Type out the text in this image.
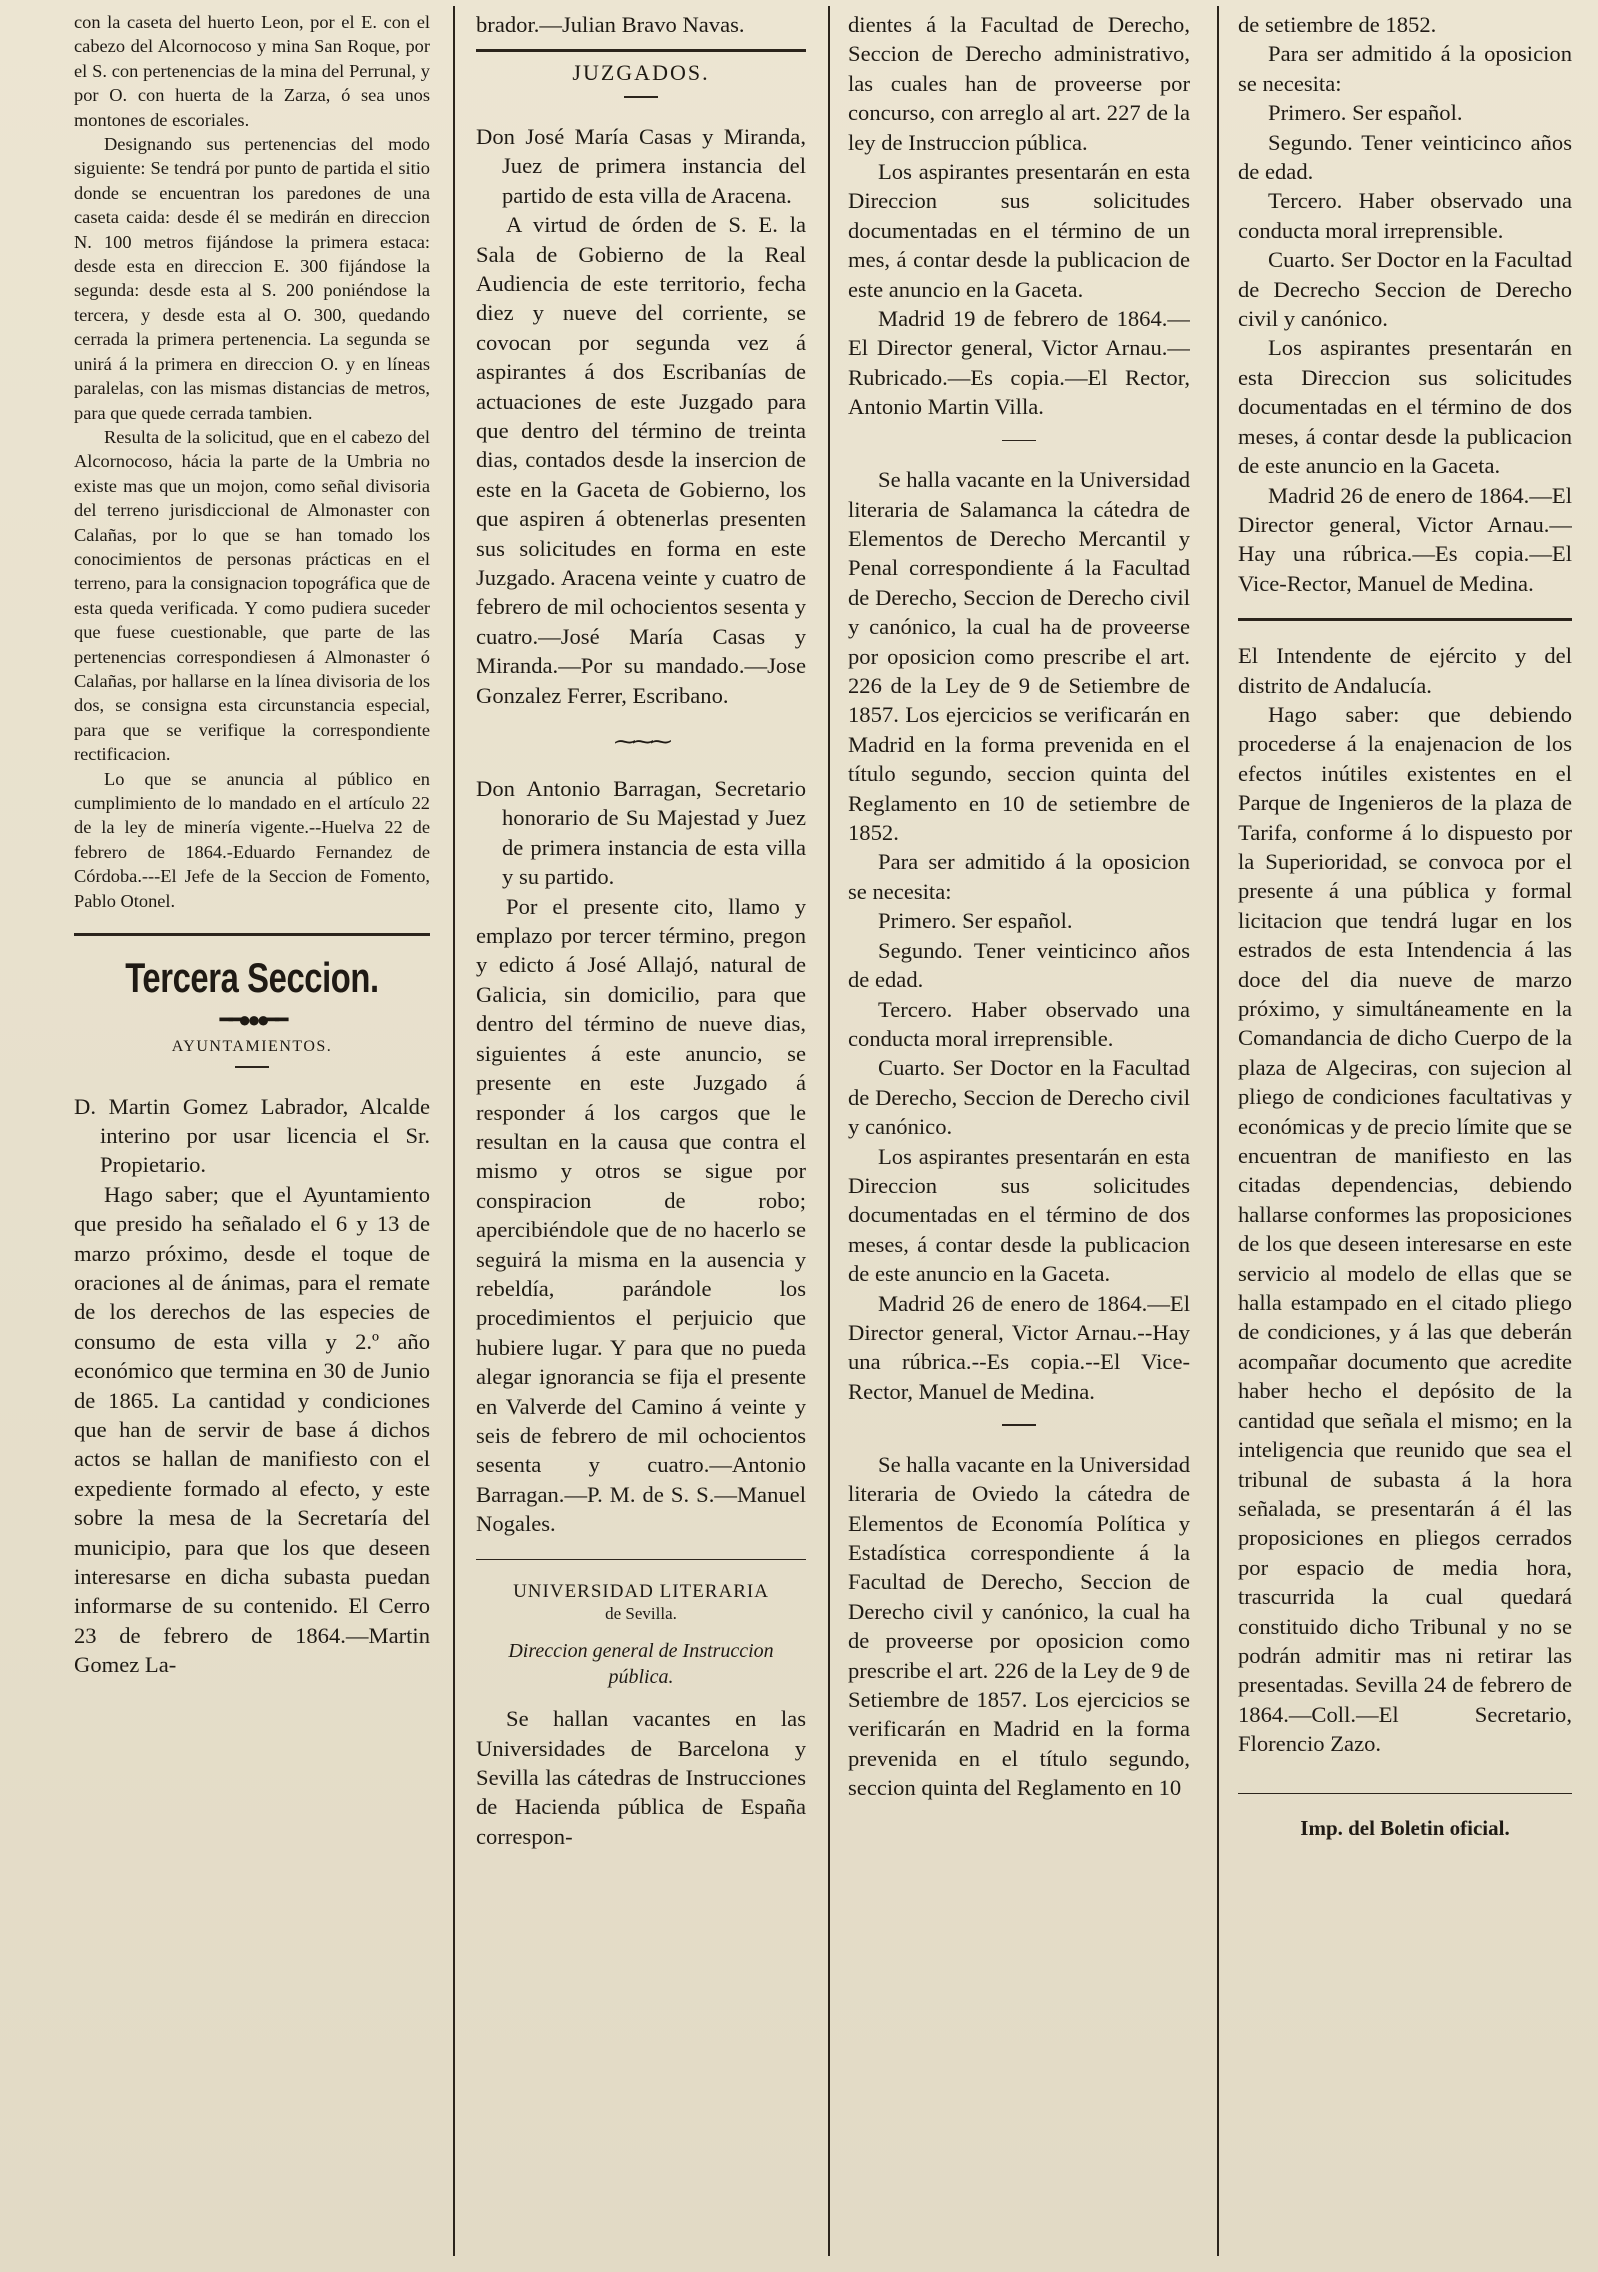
con la caseta del huerto Leon, por el E. con el cabezo del Alcornocoso y mina San Roque, por el S. con pertenencias de la mina del Perrunal, y por O. con huerta de la Zarza, ó sea unos montones de escoriales.

Designando sus pertenencias del modo siguiente: Se tendrá por punto de partida el sitio donde se encuentran los paredones de una caseta caida: desde él se medirán en direccion N. 100 metros fijándose la primera estaca: desde esta en direccion E. 300 fijándose la segunda: desde esta al S. 200 poniéndose la tercera, y desde esta al O. 300, quedando cerrada la primera pertenencia. La segunda se unirá á la primera en direccion O. y en líneas paralelas, con las mismas distancias de metros, para que quede cerrada tambien.

Resulta de la solicitud, que en el cabezo del Alcornocoso, hácia la parte de la Umbria no existe mas que un mojon, como señal divisoria del terreno jurisdiccional de Almonaster con Calañas, por lo que se han tomado los conocimientos de personas prácticas en el terreno, para la consignacion topográfica que de esta queda verificada. Y como pudiera suceder que fuese cuestionable, que parte de las pertenencias correspondiesen á Almonaster ó Calañas, por hallarse en la línea divisoria de los dos, se consigna esta circunstancia especial, para que se verifique la correspondiente rectificacion.

Lo que se anuncia al público en cumplimiento de lo mandado en el artículo 22 de la ley de minería vigente.--Huelva 22 de febrero de 1864.-Eduardo Fernandez de Córdoba.---El Jefe de la Seccion de Fomento, Pablo Otonel.

Tercera Seccion.
━━●●●━━
AYUNTAMIENTOS.

D. Martin Gomez Labrador, Alcalde interino por usar licencia el Sr. Propietario.

Hago saber; que el Ayuntamiento que presido ha señalado el 6 y 13 de marzo próximo, desde el toque de oraciones al de ánimas, para el remate de los derechos de las especies de consumo de esta villa y 2.º año económico que termina en 30 de Junio de 1865. La cantidad y condiciones que han de servir de base á dichos actos se hallan de manifiesto con el expediente formado al efecto, y este sobre la mesa de la Secretaría del municipio, para que los que deseen interesarse en dicha subasta puedan informarse de su contenido. El Cerro 23 de febrero de 1864.—Martin Gomez La-

brador.—Julian Bravo Navas.

JUZGADOS.

Don José María Casas y Miranda, Juez de primera instancia del partido de esta villa de Aracena.

A virtud de órden de S. E. la Sala de Gobierno de la Real Audiencia de este territorio, fecha diez y nueve del corriente, se covocan por segunda vez á aspirantes á dos Escribanías de actuaciones de este Juzgado para que dentro del término de treinta dias, contados desde la insercion de este en la Gaceta de Gobierno, los que aspiren á obtenerlas presenten sus solicitudes en forma en este Juzgado. Aracena veinte y cuatro de febrero de mil ochocientos sesenta y cuatro.—José María Casas y Miranda.—Por su mandado.—Jose Gonzalez Ferrer, Escribano.

⁓⁓⁓

Don Antonio Barragan, Secretario honorario de Su Majestad y Juez de primera instancia de esta villa y su partido.

Por el presente cito, llamo y emplazo por tercer término, pregon y edicto á José Allajó, natural de Galicia, sin domicilio, para que dentro del término de nueve dias, siguientes á este anuncio, se presente en este Juzgado á responder á los cargos que le resultan en la causa que contra el mismo y otros se sigue por conspiracion de robo; apercibiéndole que de no hacerlo se seguirá la misma en la ausencia y rebeldía, parándole los procedimientos el perjuicio que hubiere lugar. Y para que no pueda alegar ignorancia se fija el presente en Valverde del Camino á veinte y seis de febrero de mil ochocientos sesenta y cuatro.—Antonio Barragan.—P. M. de S. S.—Manuel Nogales.

UNIVERSIDAD LITERARIA
de Sevilla.
Direccion general de Instruccion pública.

Se hallan vacantes en las Universidades de Barcelona y Sevilla las cátedras de Instrucciones de Hacienda pública de España correspon-

dientes á la Facultad de Derecho, Seccion de Derecho administrativo, las cuales han de proveerse por concurso, con arreglo al art. 227 de la ley de Instruccion pública.

Los aspirantes presentarán en esta Direccion sus solicitudes documentadas en el término de un mes, á contar desde la publicacion de este anuncio en la Gaceta.

Madrid 19 de febrero de 1864.—El Director general, Victor Arnau.—Rubricado.—Es copia.—El Rector, Antonio Martin Villa.

Se halla vacante en la Universidad literaria de Salamanca la cátedra de Elementos de Derecho Mercantil y Penal correspondiente á la Facultad de Derecho, Seccion de Derecho civil y canónico, la cual ha de proveerse por oposicion como prescribe el art. 226 de la Ley de 9 de Setiembre de 1857. Los ejercicios se verificarán en Madrid en la forma prevenida en el título segundo, seccion quinta del Reglamento en 10 de setiembre de 1852.

Para ser admitido á la oposicion se necesita:

Primero. Ser español.

Segundo. Tener veinticinco años de edad.

Tercero. Haber observado una conducta moral irreprensible.

Cuarto. Ser Doctor en la Facultad de Derecho, Seccion de Derecho civil y canónico.

Los aspirantes presentarán en esta Direccion sus solicitudes documentadas en el término de dos meses, á contar desde la publicacion de este anuncio en la Gaceta.

Madrid 26 de enero de 1864.—El Director general, Victor Arnau.--Hay una rúbrica.--Es copia.--El Vice-Rector, Manuel de Medina.

Se halla vacante en la Universidad literaria de Oviedo la cátedra de Elementos de Economía Política y Estadística correspondiente á la Facultad de Derecho, Seccion de Derecho civil y canónico, la cual ha de proveerse por oposicion como prescribe el art. 226 de la Ley de 9 de Setiembre de 1857. Los ejercicios se verificarán en Madrid en la forma prevenida en el título segundo, seccion quinta del Reglamento en 10

de setiembre de 1852.

Para ser admitido á la oposicion se necesita:

Primero. Ser español.

Segundo. Tener veinticinco años de edad.

Tercero. Haber observado una conducta moral irreprensible.

Cuarto. Ser Doctor en la Facultad de Decrecho Seccion de Derecho civil y canónico.

Los aspirantes presentarán en esta Direccion sus solicitudes documentadas en el término de dos meses, á contar desde la publicacion de este anuncio en la Gaceta.

Madrid 26 de enero de 1864.—El Director general, Victor Arnau.—Hay una rúbrica.—Es copia.—El Vice-Rector, Manuel de Medina.

El Intendente de ejército y del distrito de Andalucía.

Hago saber: que debiendo procederse á la enajenacion de los efectos inútiles existentes en el Parque de Ingenieros de la plaza de Tarifa, conforme á lo dispuesto por la Superioridad, se convoca por el presente á una pública y formal licitacion que tendrá lugar en los estrados de esta Intendencia á las doce del dia nueve de marzo próximo, y simultáneamente en la Comandancia de dicho Cuerpo de la plaza de Algeciras, con sujecion al pliego de condiciones facultativas y económicas y de precio límite que se encuentran de manifiesto en las citadas dependencias, debiendo hallarse conformes las proposiciones de los que deseen interesarse en este servicio al modelo de ellas que se halla estampado en el citado pliego de condiciones, y á las que deberán acompañar documento que acredite haber hecho el depósito de la cantidad que señala el mismo; en la inteligencia que reunido que sea el tribunal de subasta á la hora señalada, se presentarán á él las proposiciones en pliegos cerrados por espacio de media hora, trascurrida la cual quedará constituido dicho Tribunal y no se podrán admitir mas ni retirar las presentadas. Sevilla 24 de febrero de 1864.—Coll.—El Secretario, Florencio Zazo.

Imp. del Boletin oficial.
